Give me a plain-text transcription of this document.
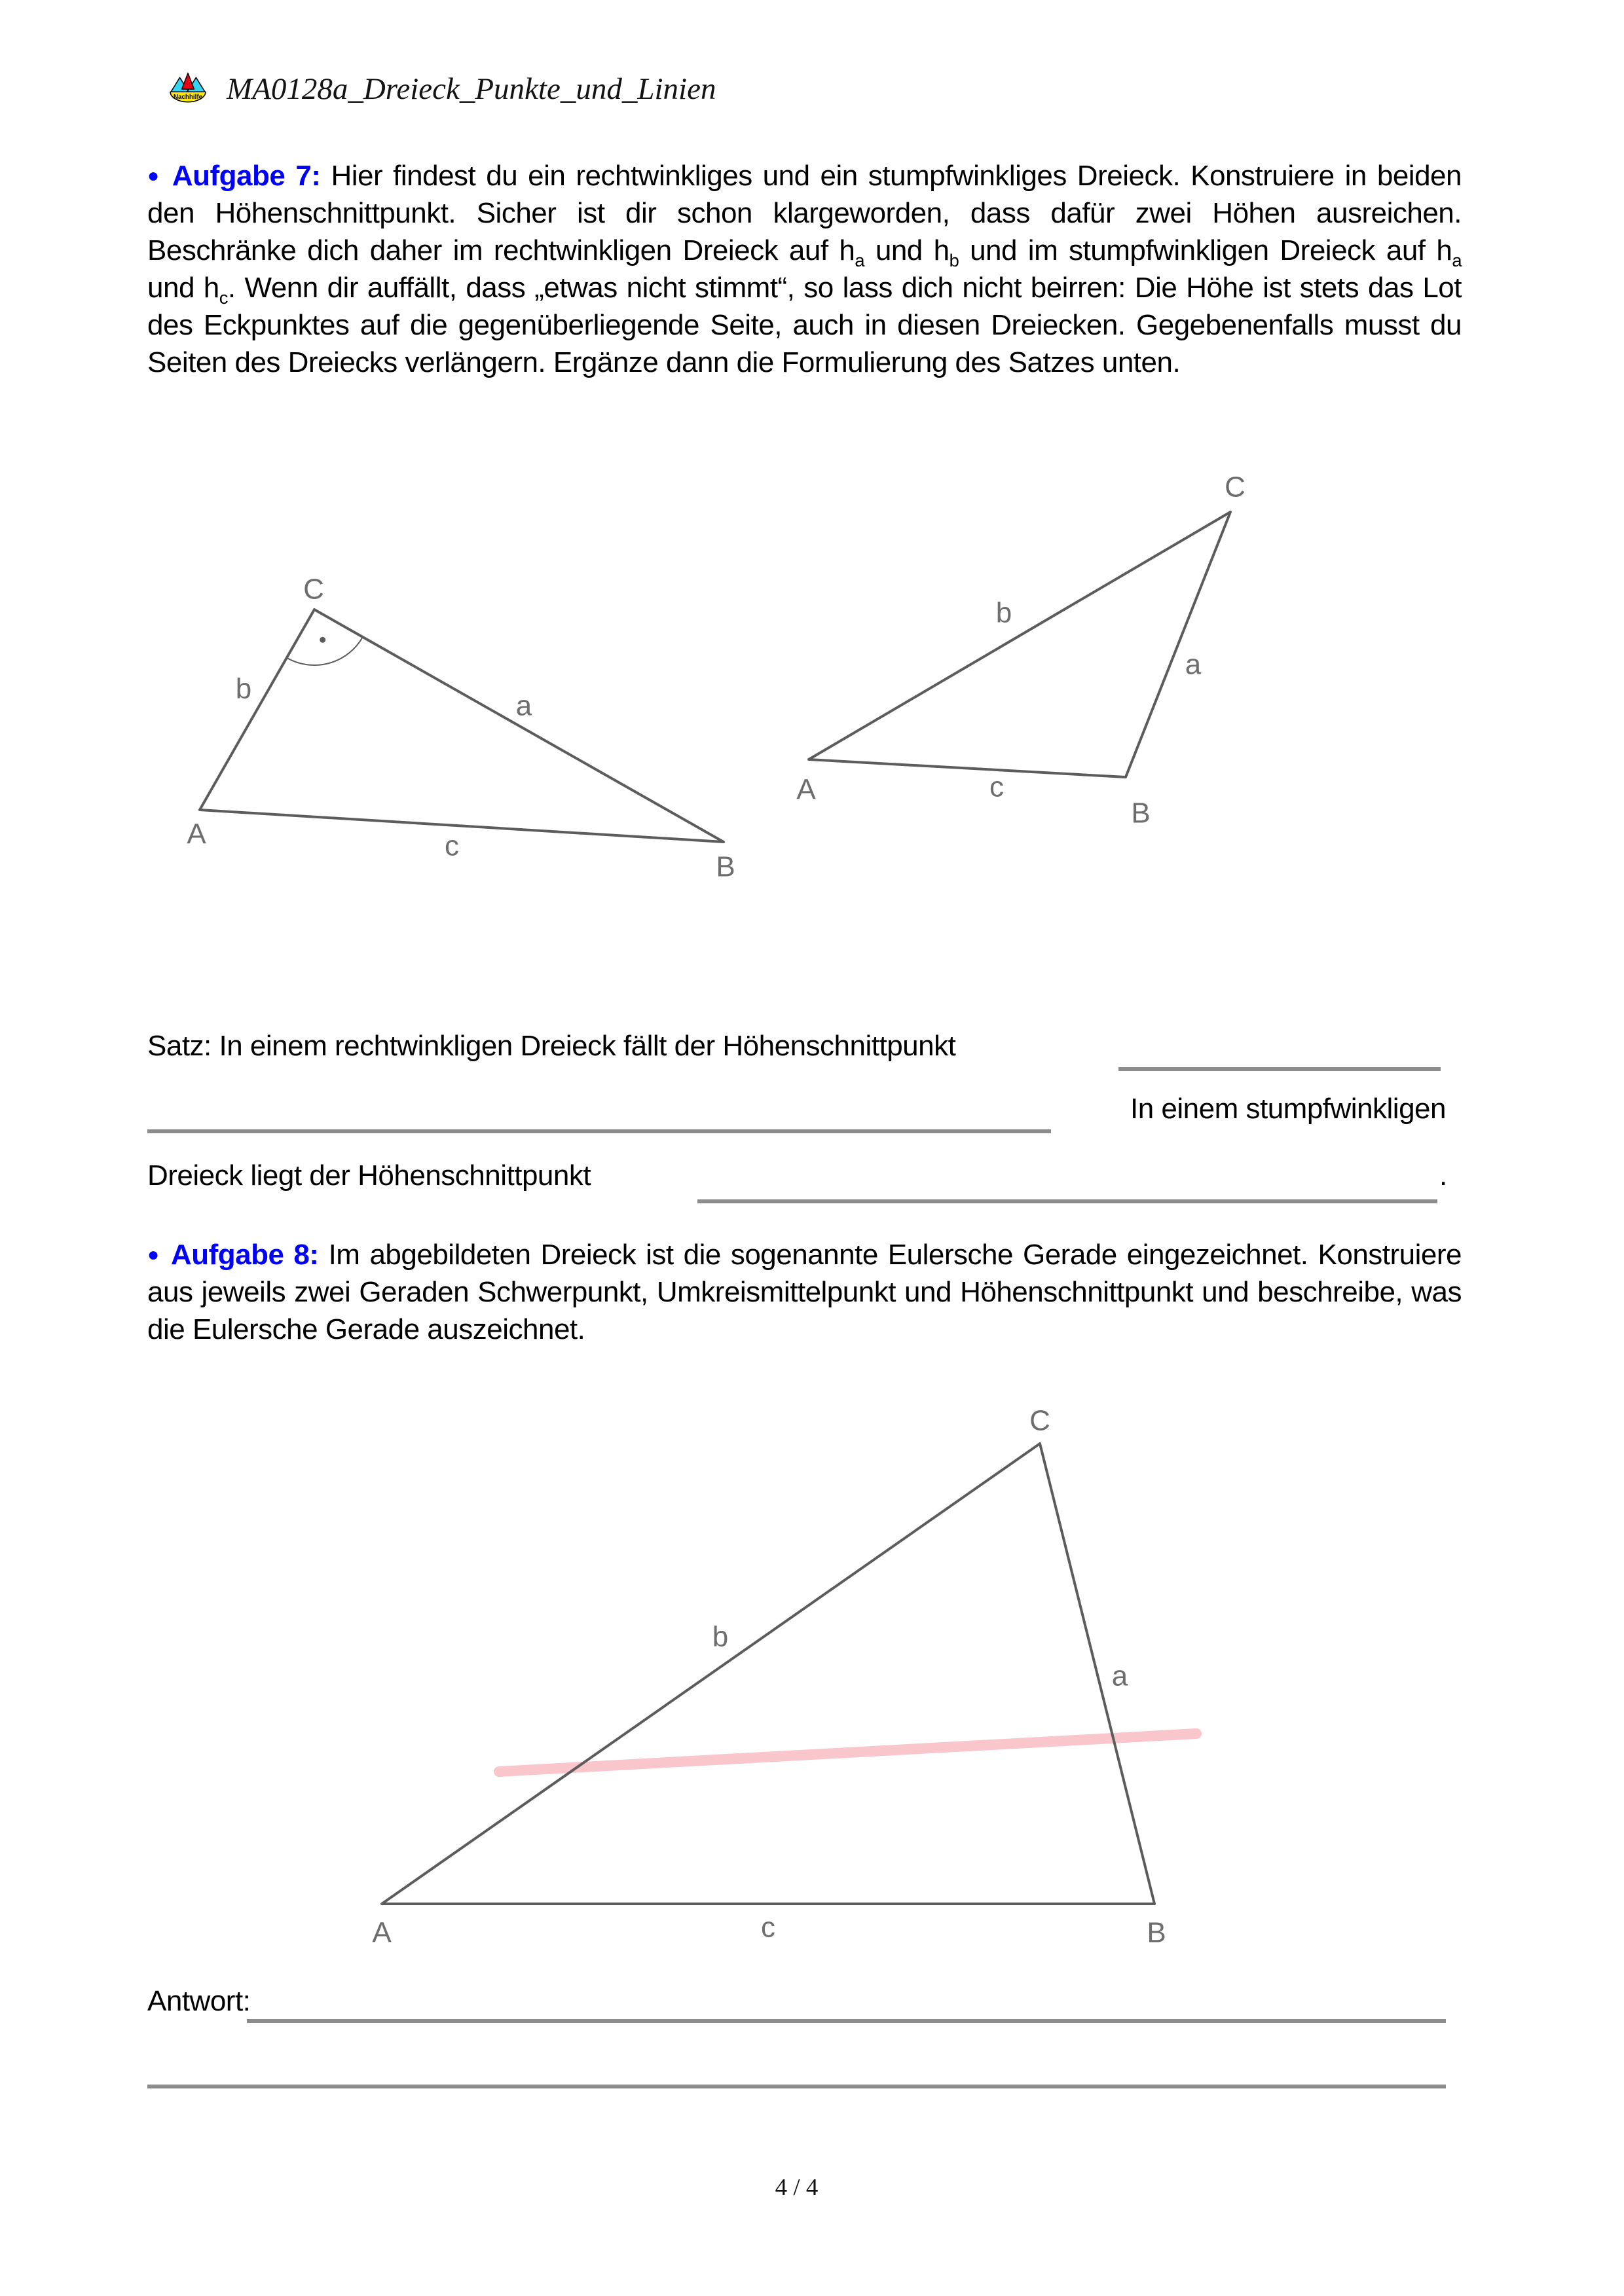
Nachhilfe MA0128a_Dreieck_Punkte_und_Linien

● Aufgabe 7: Hier findest du ein rechtwinkliges und ein stumpfwinkliges Dreieck. Konstruiere in beiden den Höhenschnittpunkt. Sicher ist dir schon klargeworden, dass dafür zwei Höhen ausreichen. Beschränke dich daher im rechtwinkligen Dreieck auf $h_a$ und $h_b$ und im stumpfwinkligen Dreieck auf $h_a$ und $h_c$. Wenn dir auffällt, dass „etwas nicht stimmt“, so lass dich nicht beirren: Die Höhe ist stets das Lot des Eckpunktes auf die gegenüberliegende Seite, auch in diesen Dreiecken. Gegebenenfalls musst du Seiten des Dreiecks verlängern. Ergänze dann die Formulierung des Satzes unten.

C
A
B
b
a
c
C
A
B
b
a
c
Satz: In einem rechtwinkligen Dreieck fällt der Höhenschnittpunkt
In einem stumpfwinkligen
Dreieck liegt der Höhenschnittpunkt	.

● Aufgabe 8: Im abgebildeten Dreieck ist die sogenannte Eulersche Gerade eingezeichnet. Konstruiere aus jeweils zwei Geraden Schwerpunkt, Umkreismittelpunkt und Höhenschnittpunkt und beschreibe, was die Eulersche Gerade auszeichnet.

C
A	B
b
a
c
Antwort:
4 / 4
